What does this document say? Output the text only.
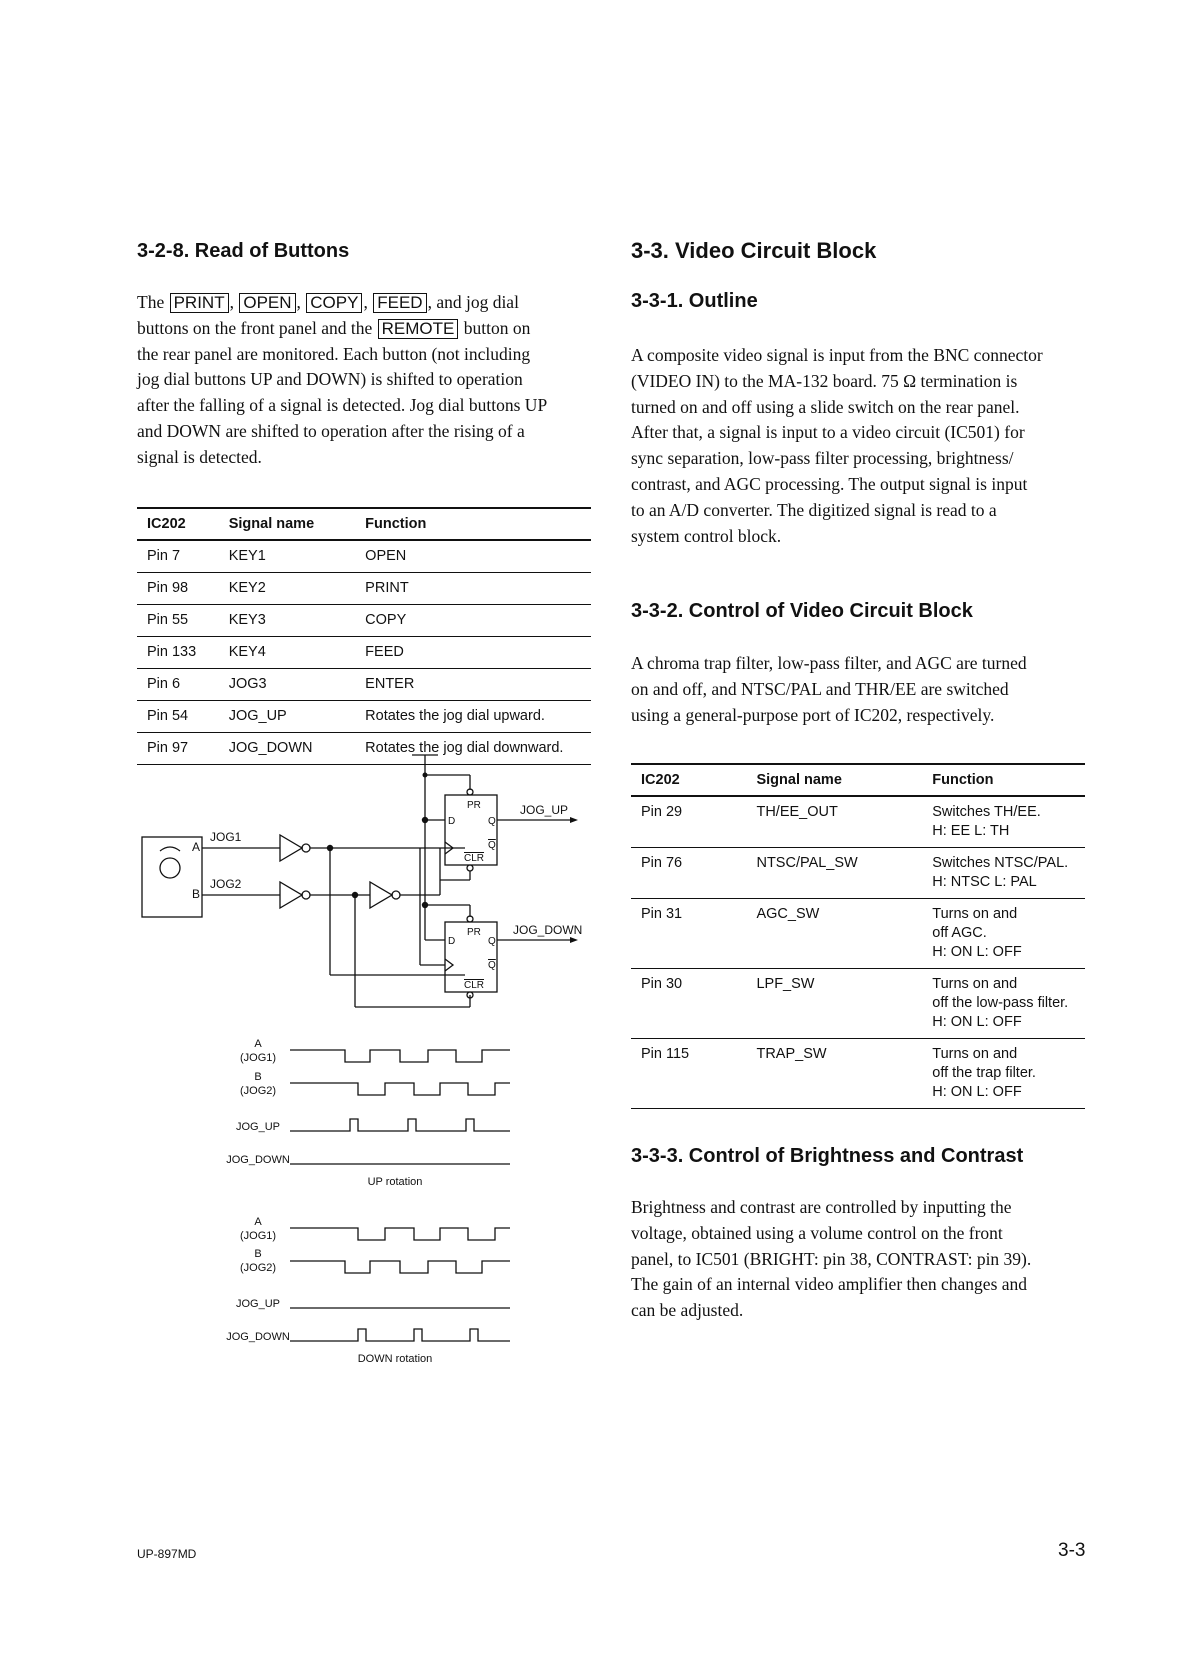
3-2-8. Read of Buttons
The PRINT , OPEN , COPY , FEED , and jog dial
buttons on the front panel and the REMOTE button on
the rear panel are monitored. Each button (not including
jog dial buttons UP and DOWN) is shifted to operation
after the falling of a signal is detected. Jog dial buttons UP
and DOWN are shifted to operation after the rising of a
signal is detected.
IC202	Signal name	Function
Pin 7	KEY1	OPEN
Pin 98	KEY2	PRINT
Pin 55	KEY3	COPY
Pin 133	KEY4	FEED
Pin 6	JOG3	ENTER
Pin 54	JOG_UP	Rotates the jog dial upward.
Pin 97	JOG_DOWN	Rotates the jog dial downward.
A
B
JOG1
JOG2
PR
D	Q
Q
CLR
JOG_UP
PR
D	Q
Q
CLR
JOG_DOWN
A
(JOG1)
B
(JOG2)
JOG_UP
JOG_DOWN
UP rotation
A
(JOG1)
B
(JOG2)
JOG_UP
JOG_DOWN
DOWN rotation
3-3. Video Circuit Block
3-3-1. Outline
A composite video signal is input from the BNC connector
(VIDEO IN) to the MA-132 board. 75 Ω termination is
turned on and off using a slide switch on the rear panel.
After that, a signal is input to a video circuit (IC501) for
sync separation, low-pass filter processing, brightness/
contrast, and AGC processing. The output signal is input
to an A/D converter. The digitized signal is read to a
system control block.
3-3-2. Control of Video Circuit Block
A chroma trap filter, low-pass filter, and AGC are turned
on and off, and NTSC/PAL and THR/EE are switched
using a general-purpose port of IC202, respectively.
IC202	Signal name	Function
Pin 29	TH/EE_OUT	Switches TH/EE.
H: EE L: TH

Pin 76	NTSC/PAL_SW	Switches NTSC/PAL.
H: NTSC L: PAL

Pin 31	AGC_SW	Turns on and
off AGC.
H: ON L: OFF

Pin 30	LPF_SW	Turns on and
off the low-pass filter.
H: ON L: OFF

Pin 115	TRAP_SW	Turns on and
off the trap filter.
H: ON L: OFF
3-3-3. Control of Brightness and Contrast
Brightness and contrast are controlled by inputting the
voltage, obtained using a volume control on the front
panel, to IC501 (BRIGHT: pin 38, CONTRAST: pin 39).
The gain of an internal video amplifier then changes and
can be adjusted.
UP-897MD	3-3
